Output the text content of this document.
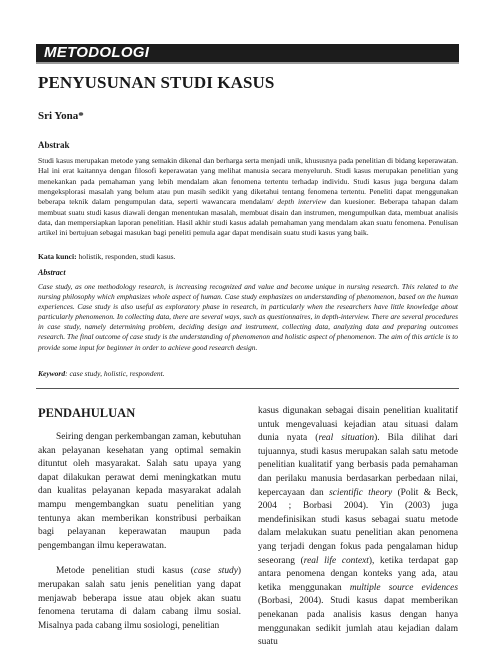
METODOLOGI
PENYUSUNAN STUDI KASUS
Sri Yona*
Abstrak

Studi kasus merupakan metode yang semakin dikenal dan berharga serta menjadi unik, khususnya pada penelitian di bidang keperawatan. Hal ini erat kaitannya dengan filosofi keperawatan yang melihat manusia secara menyeluruh. Studi kasus merupakan penelitian yang menekankan pada pemahaman yang lebih mendalam akan fenomena tertentu terhadap individu. Studi kasus juga berguna dalam mengeksplorasi masalah yang belum atau pun masih sedikit yang diketahui tentang fenomena tertentu. Peneliti dapat menggunakan beberapa teknik dalam pengumpulan data, seperti wawancara mendalam/ depth interview dan kuesioner. Beberapa tahapan dalam membuat suatu studi kasus diawali dengan menentukan masalah, membuat disain dan instrumen, mengumpulkan data, membuat analisis data, dan mempersiapkan laporan penelitian. Hasil akhir studi kasus adalah pemahaman yang mendalam akan suatu fenomena. Penulisan artikel ini bertujuan sebagai masukan bagi peneliti pemula agar dapat mendisain suatu studi kasus yang baik.

Kata kunci: holistik, responden, studi kasus.
Abstract

Case study, as one methodology research, is increasing recognized and value and become unique in nursing research. This related to the nursing philosophy which emphasizes whole aspect of human. Case study emphasizes on understanding of phenomenon, based on the human experiences. Case study is also useful as exploratory phase in research, in particularly when the researchers have little knowledge about particularly phenomenon. In collecting data, there are several ways, such as questionnaires, in depth-interview. There are several procedures in case study, namely determining problem, deciding design and instrument, collecting data, analyzing data and preparing outcomes research. The final outcome of case study is the understanding of phenomenon and holistic aspect of phenomenon. The aim of this article is to provide some input for beginner in order to achieve good research design.

Keyword: case study, holistic, respondent.
PENDAHULUAN

Seiring dengan perkembangan zaman, kebutuhan akan pelayanan kesehatan yang optimal semakin dituntut oleh masyarakat. Salah satu upaya yang dapat dilakukan perawat demi meningkatkan mutu dan kualitas pelayanan kepada masyarakat adalah mampu mengembangkan suatu penelitian yang tentunya akan memberikan konstribusi perbaikan bagi pelayanan keperawatan maupun pada pengembangan ilmu keperawatan.

Metode penelitian studi kasus (case study) merupakan salah satu jenis penelitian yang dapat menjawab beberapa issue atau objek akan suatu fenomena terutama di dalam cabang ilmu sosial. Misalnya pada cabang ilmu sosiologi, penelitian

kasus digunakan sebagai disain penelitian kualitatif untuk mengevaluasi kejadian atau situasi dalam dunia nyata (real situation). Bila dilihat dari tujuannya, studi kasus merupakan salah satu metode penelitian kualitatif yang berbasis pada pemahaman dan perilaku manusia berdasarkan perbedaan nilai, kepercayaan dan scientific theory (Polit & Beck, 2004 ; Borbasi 2004). Yin (2003) juga mendefinisikan studi kasus sebagai suatu metode dalam melakukan suatu penelitian akan penomena yang terjadi dengan fokus pada pengalaman hidup seseorang (real life context), ketika terdapat gap antara penomena dengan konteks yang ada, atau ketika menggunakan multiple source evidences (Borbasi, 2004). Studi kasus dapat memberikan penekanan pada analisis kasus dengan hanya menggunakan sedikit jumlah atau kejadian dalam suatu
